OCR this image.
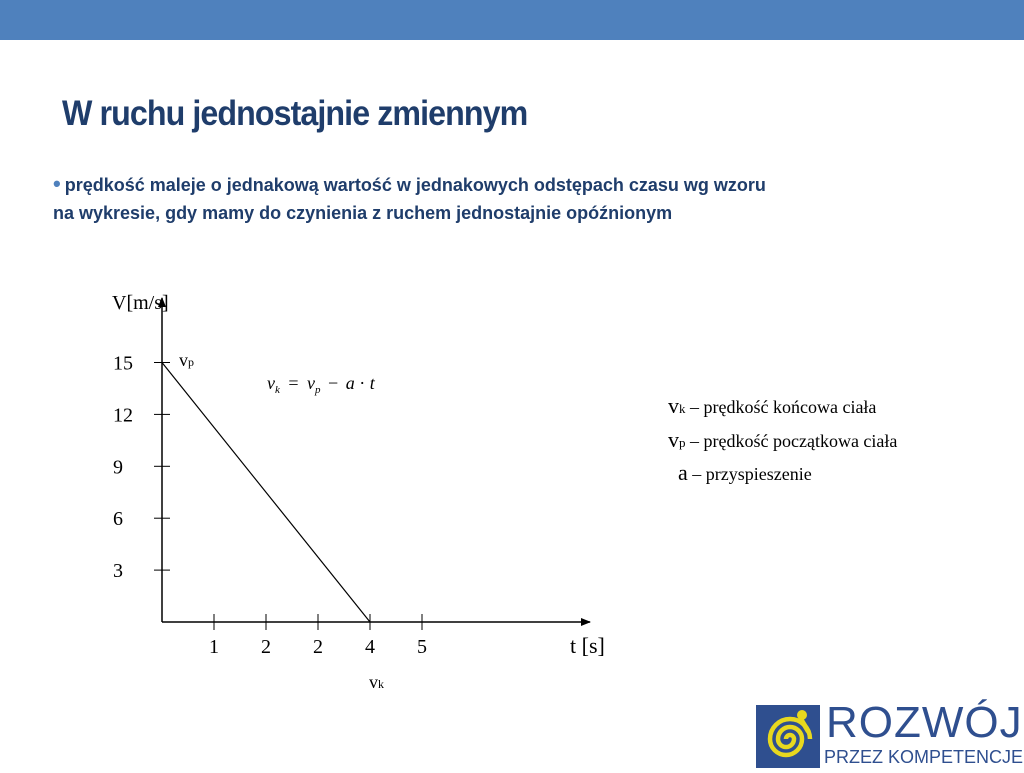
W ruchu jednostajnie zmiennym
• prędkość maleje o jednakową wartość w jednakowych odstępach czasu wg wzoru
na wykresie, gdy mamy do czynienia z ruchem jednostajnie opóźnionym
V[m/s]
t [s]
15
12
9
6
3
1 2 2 4 5
vp
vk
$v_k = v_p - a \cdot t$
vk – prędkość końcowa ciała
vp – prędkość początkowa ciała
a – przyspieszenie
ROZWÓJ
PRZEZ KOMPETENCJE
